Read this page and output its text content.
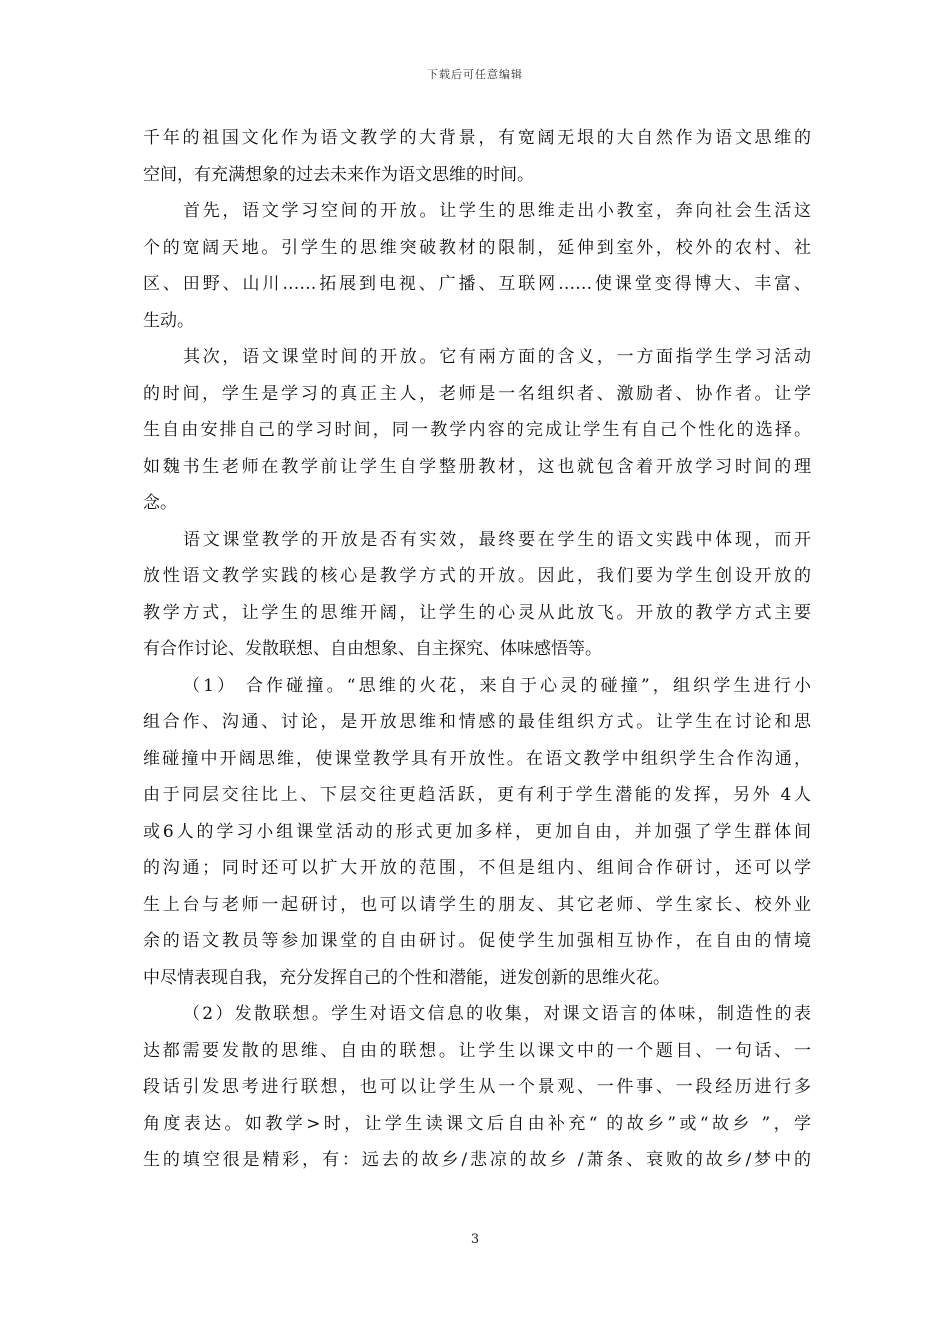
下载后可任意编辑
千年的祖国文化作为语文教学的大背景，有宽阔无垠的大自然作为语文思维的
空间，有充满想象的过去未来作为语文思维的时间。
首先，语文学习空间的开放。让学生的思维走出小教室，奔向社会生活这
个的宽阔天地。引学生的思维突破教材的限制，延伸到室外，校外的农村、社
区、田野、山川……拓展到电视、广播、互联网……使课堂变得博大、丰富、
生动。
其次，语文课堂时间的开放。它有兩方面的含义，一方面指学生学习活动
的时间，学生是学习的真正主人，老师是一名组织者、激励者、协作者。让学
生自由安排自己的学习时间，同一教学内容的完成让学生有自己个性化的选择。
如魏书生老师在教学前让学生自学整册教材，这也就包含着开放学习时间的理
念。
语文课堂教学的开放是否有实效，最终要在学生的语文实践中体现，而开
放性语文教学实践的核心是教学方式的开放。因此，我们要为学生创设开放的
教学方式，让学生的思维开阔，让学生的心灵从此放飞。开放的教学方式主要
有合作讨论、发散联想、自由想象、自主探究、体味感悟等。
（1） 合作碰撞。“思维的火花，来自于心灵的碰撞”，组织学生进行小
组合作、沟通、讨论，是开放思维和情感的最佳组织方式。让学生在讨论和思
维碰撞中开阔思维，使课堂教学具有开放性。在语文教学中组织学生合作沟通，
由于同层交往比上、下层交往更趋活跃，更有利于学生潜能的发挥，另外 4人
或6人的学习小组课堂活动的形式更加多样，更加自由，并加强了学生群体间
的沟通；同时还可以扩大开放的范围，不但是组内、组间合作研讨，还可以学
生上台与老师一起研讨，也可以请学生的朋友、其它老师、学生家长、校外业
余的语文教员等参加课堂的自由研讨。促使学生加强相互协作，在自由的情境
中尽情表现自我，充分发挥自己的个性和潜能，迸发创新的思维火花。
（2）发散联想。学生对语文信息的收集，对课文语言的体味，制造性的表
达都需要发散的思维、自由的联想。让学生以课文中的一个题目、一句话、一
段话引发思考进行联想，也可以让学生从一个景观、一件事、一段经历进行多
角度表达。如教学>时，让学生读课文后自由补充“ 的故乡”或“故乡 ”，学
生的填空很是精彩，有：远去的故乡/悲凉的故乡 /萧条、衰败的故乡/梦中的
3
